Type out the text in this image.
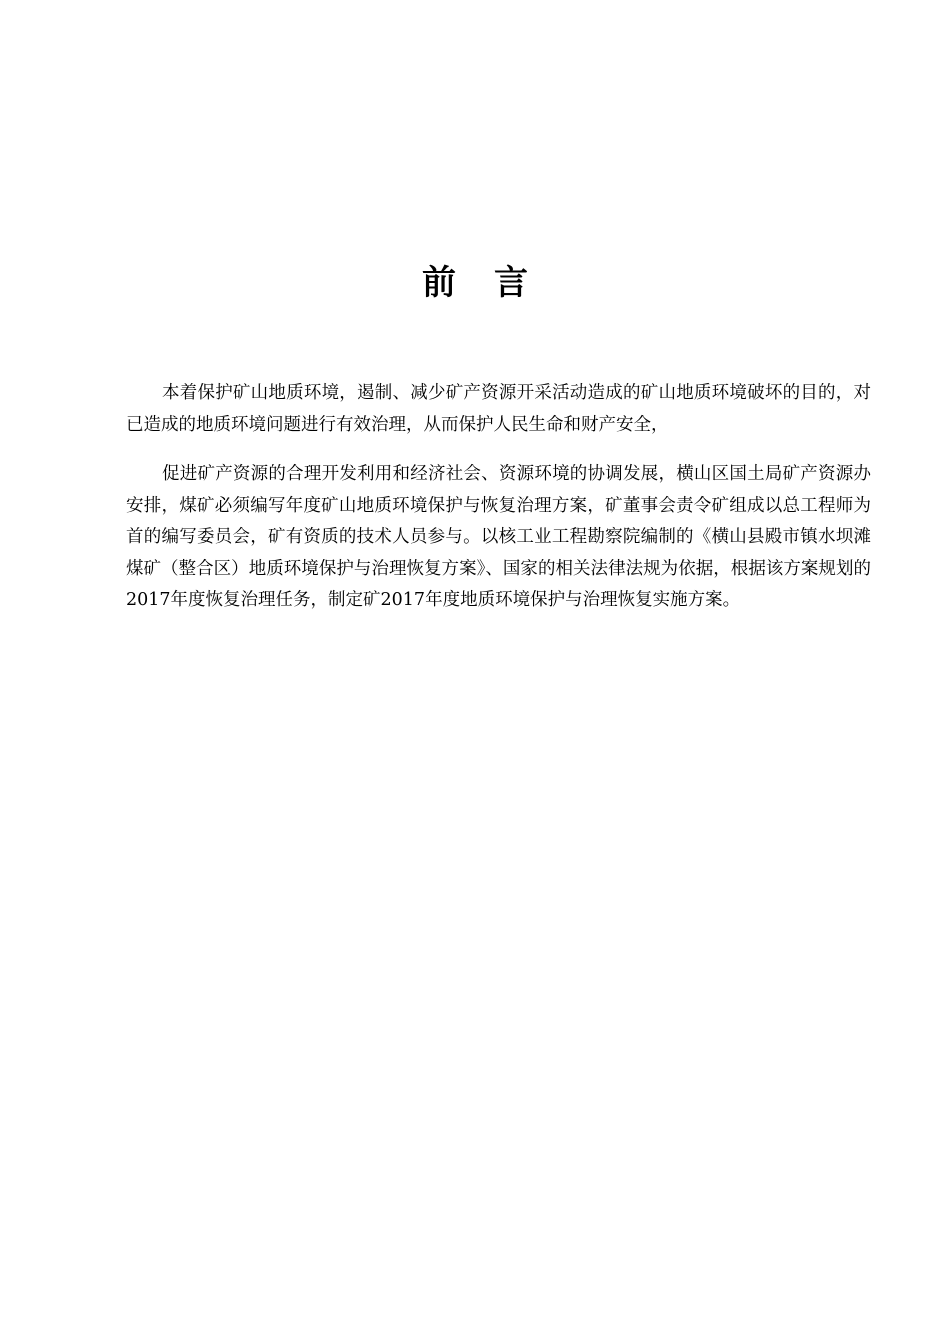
前言

本着保护矿山地质环境，遏制、减少矿产资源开采活动造成的矿山地质环境破坏的目的，对已造成的地质环境问题进行有效治理，从而保护人民生命和财产安全，

促进矿产资源的合理开发利用和经济社会、资源环境的协调发展，横山区国土局矿产资源办安排，煤矿必须编写年度矿山地质环境保护与恢复治理方案，矿董事会责令矿组成以总工程师为首的编写委员会，矿有资质的技术人员参与。以核工业工程勘察院编制的《横山县殿市镇水坝滩煤矿（整合区）地质环境保护与治理恢复方案》、国家的相关法律法规为依据，根据该方案规划的2017年度恢复治理任务，制定矿2017年度地质环境保护与治理恢复实施方案。
